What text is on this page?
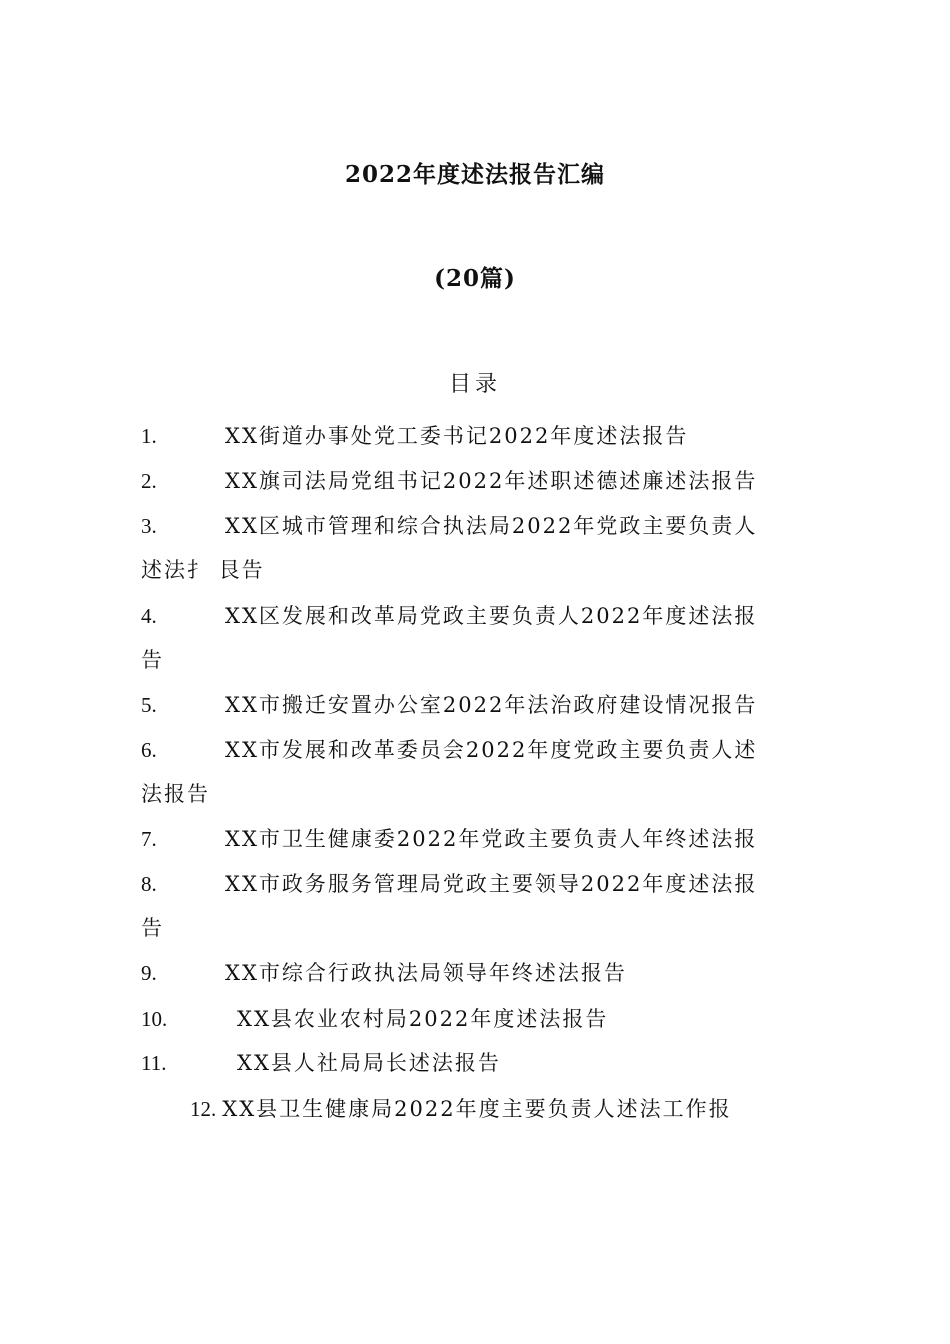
2022年度述法报告汇编
(20篇)
目录
1.	XX街道办事处党工委书记2022年度述法报告
2.	XX旗司法局党组书记2022年述职述德述廉述法报告
3.	XX区城市管理和综合执法局2022年党政主要负责人
述法扌 艮告
4.	XX区发展和改革局党政主要负责人2022年度述法报
告
5.	XX市搬迁安置办公室2022年法治政府建设情况报告
6.	XX市发展和改革委员会2022年度党政主要负责人述
法报告
7.	XX市卫生健康委2022年党政主要负责人年终述法报
8.	XX市政务服务管理局党政主要领导2022年度述法报
告
9.	XX市综合行政执法局领导年终述法报告
10.	XX县农业农村局2022年度述法报告
11.	XX县人社局局长述法报告
12. XX县卫生健康局2022年度主要负责人述法工作报
